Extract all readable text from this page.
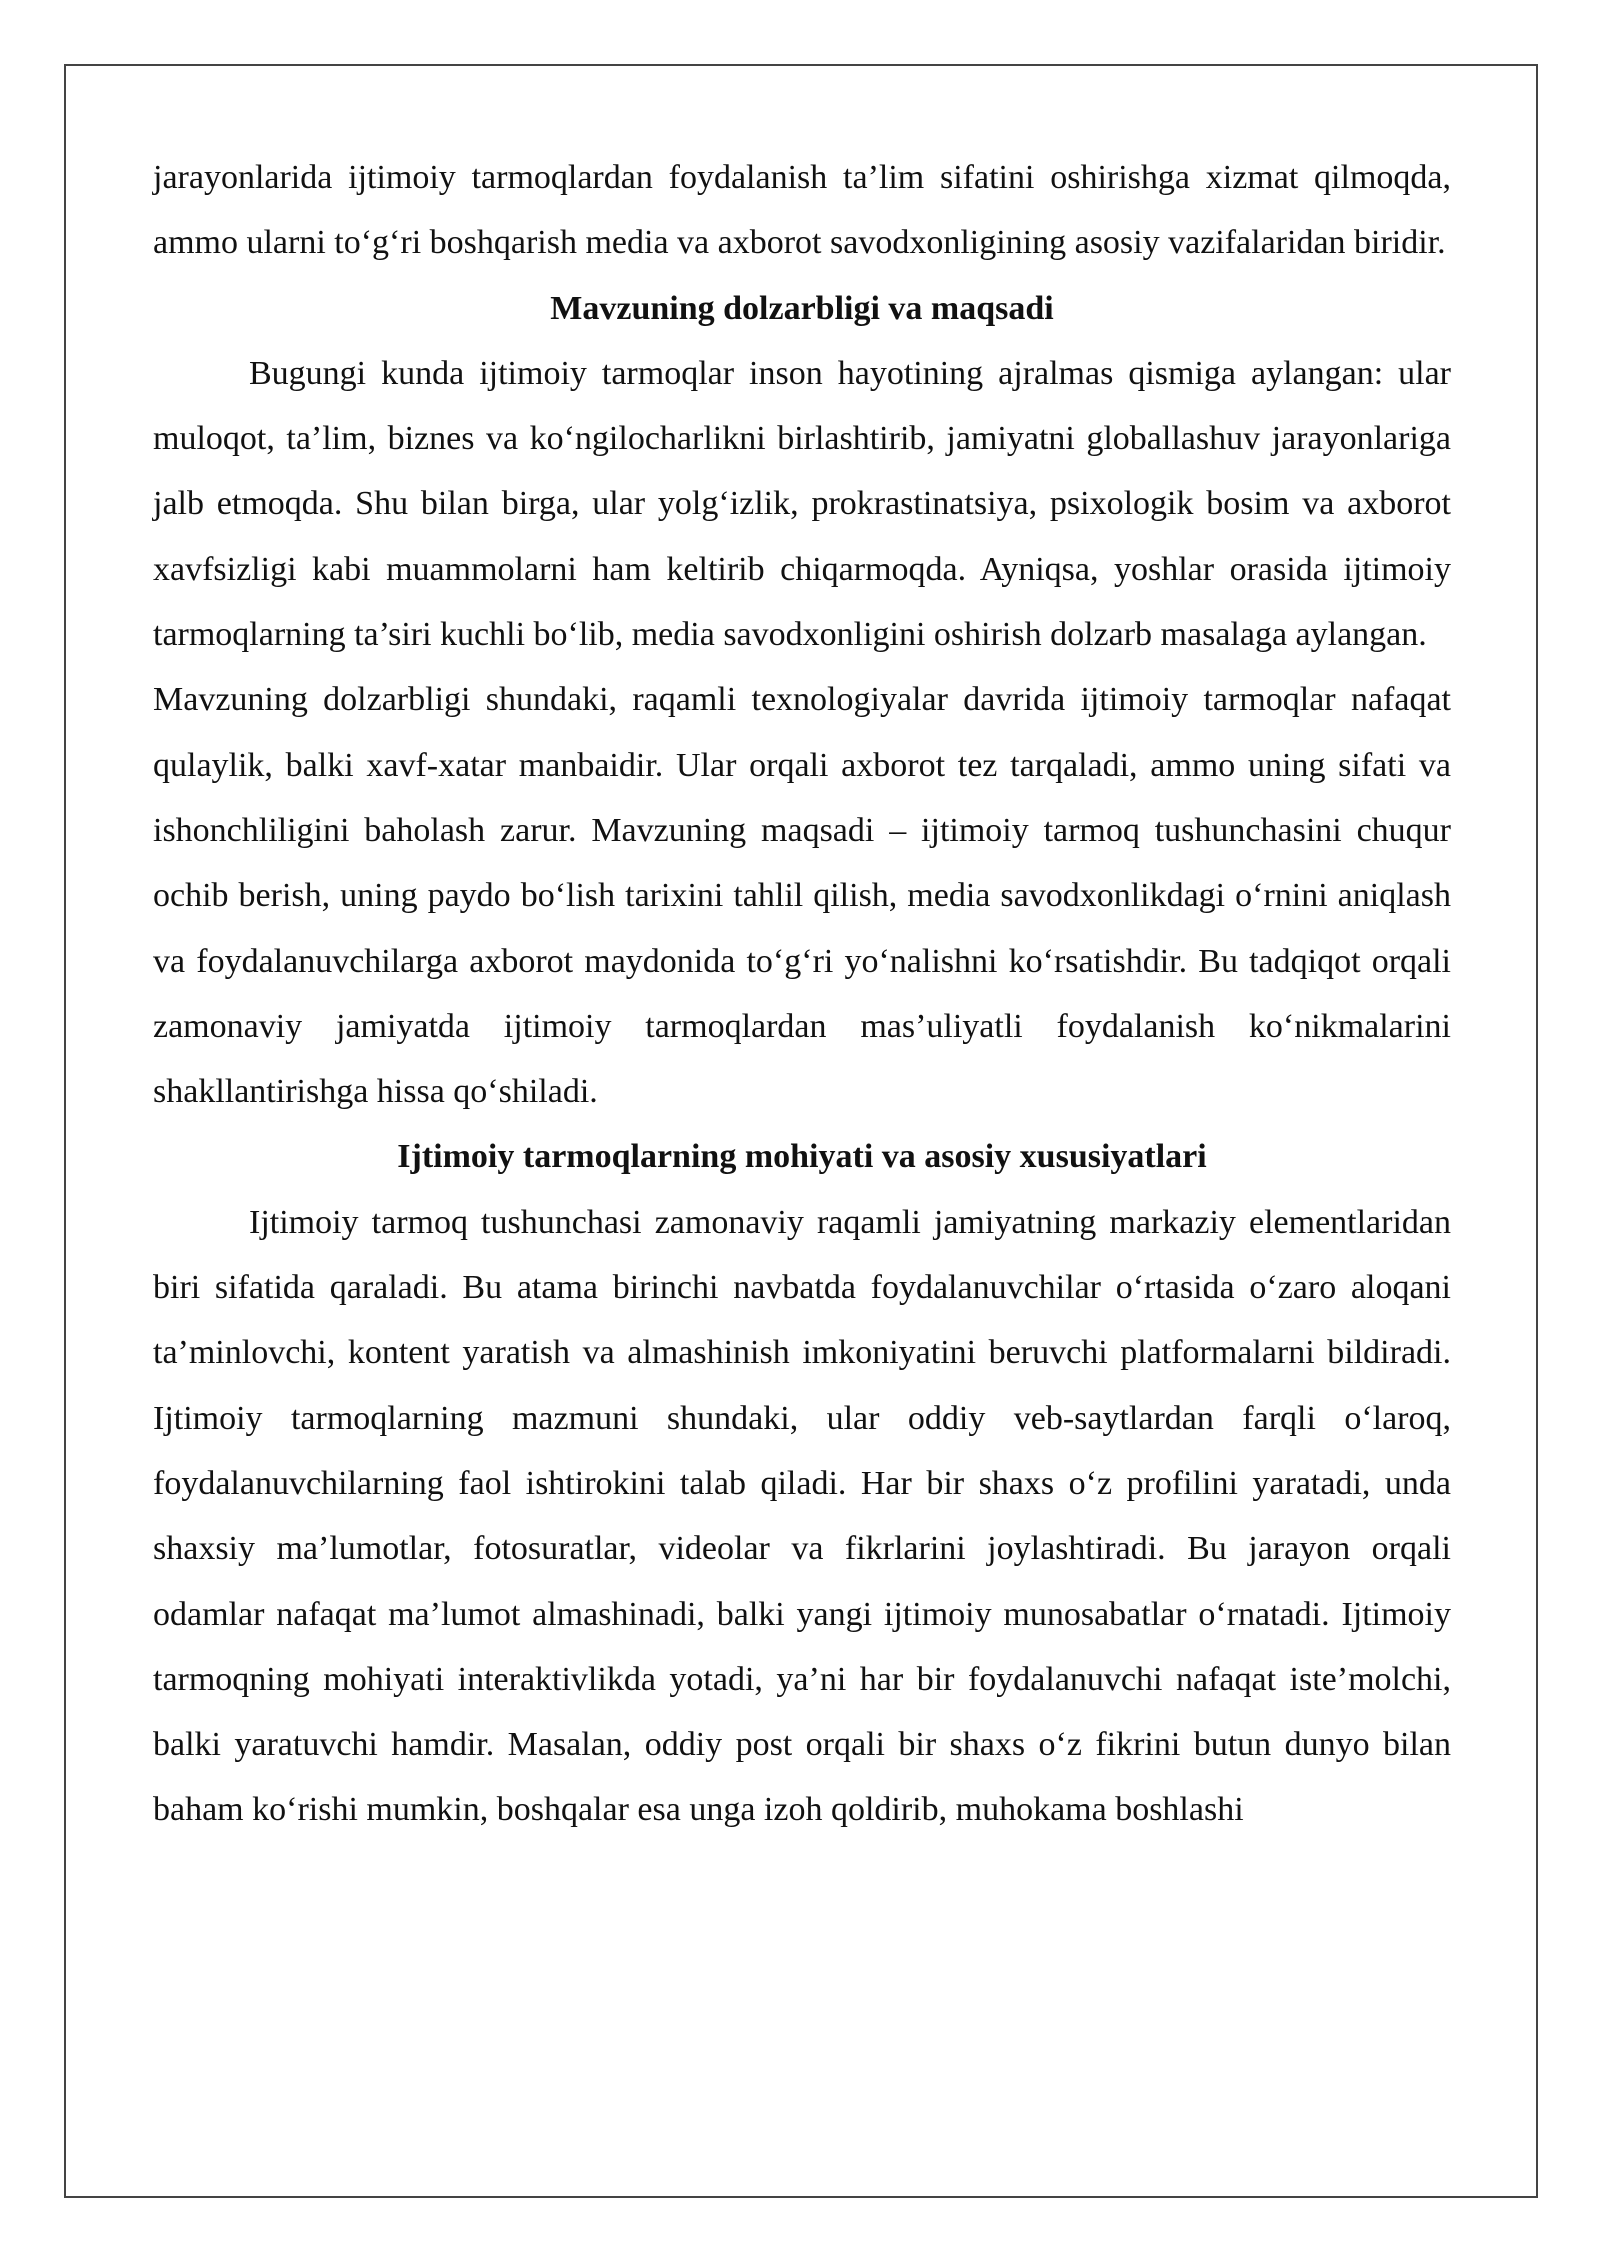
jarayonlarida ijtimoiy tarmoqlardan foydalanish ta’lim sifatini oshirishga xizmat qilmoqda, ammo ularni to‘g‘ri boshqarish media va axborot savodxonligining asosiy vazifalaridan biridir.

Mavzuning dolzarbligi va maqsadi

Bugungi kunda ijtimoiy tarmoqlar inson hayotining ajralmas qismiga aylangan: ular muloqot, ta’lim, biznes va ko‘ngilocharlikni birlashtirib, jamiyatni globallashuv jarayonlariga jalb etmoqda. Shu bilan birga, ular yolg‘izlik, prokrastinatsiya, psixologik bosim va axborot xavfsizligi kabi muammolarni ham keltirib chiqarmoqda. Ayniqsa, yoshlar orasida ijtimoiy tarmoqlarning ta’siri kuchli bo‘lib, media savodxonligini oshirish dolzarb masalaga aylangan.

Mavzuning dolzarbligi shundaki, raqamli texnologiyalar davrida ijtimoiy tarmoqlar nafaqat qulaylik, balki xavf-xatar manbaidir. Ular orqali axborot tez tarqaladi, ammo uning sifati va ishonchliligini baholash zarur. Mavzuning maqsadi – ijtimoiy tarmoq tushunchasini chuqur ochib berish, uning paydo bo‘lish tarixini tahlil qilish, media savodxonlikdagi o‘rnini aniqlash va foydalanuvchilarga axborot maydonida to‘g‘ri yo‘nalishni ko‘rsatishdir. Bu tadqiqot orqali zamonaviy jamiyatda ijtimoiy tarmoqlardan mas’uliyatli foydalanish ko‘nikmalarini shakllantirishga hissa qo‘shiladi.

Ijtimoiy tarmoqlarning mohiyati va asosiy xususiyatlari

Ijtimoiy tarmoq tushunchasi zamonaviy raqamli jamiyatning markaziy elementlaridan biri sifatida qaraladi. Bu atama birinchi navbatda foydalanuvchilar o‘rtasida o‘zaro aloqani ta’minlovchi, kontent yaratish va almashinish imkoniyatini beruvchi platformalarni bildiradi. Ijtimoiy tarmoqlarning mazmuni shundaki, ular oddiy veb-saytlardan farqli o‘laroq, foydalanuvchilarning faol ishtirokini talab qiladi. Har bir shaxs o‘z profilini yaratadi, unda shaxsiy ma’lumotlar, fotosuratlar, videolar va fikrlarini joylashtiradi. Bu jarayon orqali odamlar nafaqat ma’lumot almashinadi, balki yangi ijtimoiy munosabatlar o‘rnatadi. Ijtimoiy tarmoqning mohiyati interaktivlikda yotadi, ya’ni har bir foydalanuvchi nafaqat iste’molchi, balki yaratuvchi hamdir. Masalan, oddiy post orqali bir shaxs o‘z fikrini butun dunyo bilan baham ko‘rishi mumkin, boshqalar esa unga izoh qoldirib, muhokama boshlashi
